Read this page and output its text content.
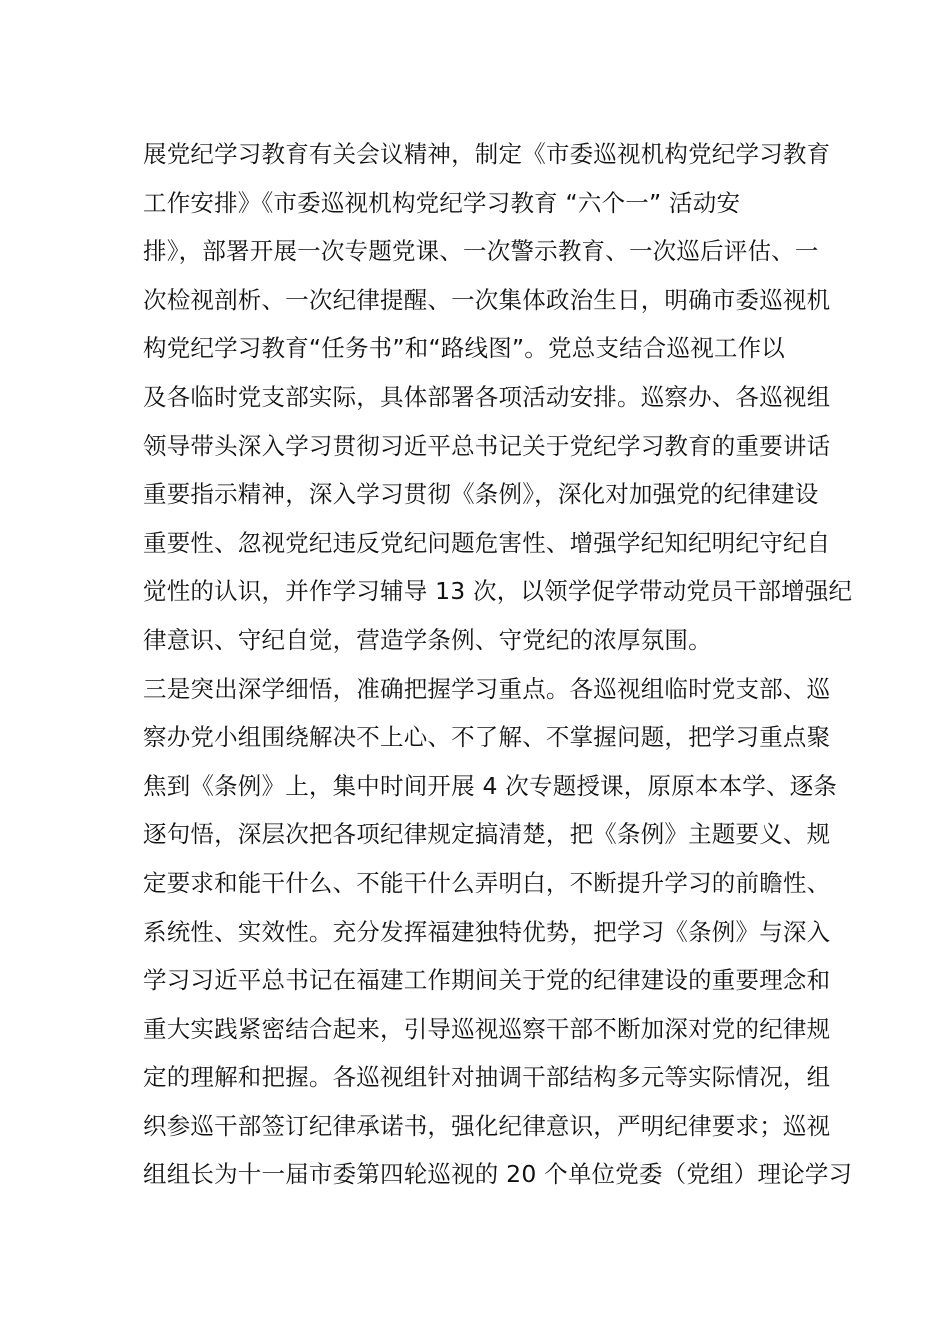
展党纪学习教育有关会议精神，制定《市委巡视机构党纪学习教育
工作安排》《市委巡视机构党纪学习教育 “六个一” 活动安
排》，部署开展一次专题党课、一次警示教育、一次巡后评估、一
次检视剖析、一次纪律提醒、一次集体政治生日，明确市委巡视机
构党纪学习教育“任务书”和“路线图”。党总支结合巡视工作以
及各临时党支部实际，具体部署各项活动安排。巡察办、各巡视组
领导带头深入学习贯彻习近平总书记关于党纪学习教育的重要讲话
重要指示精神，深入学习贯彻《条例》，深化对加强党的纪律建设
重要性、忽视党纪违反党纪问题危害性、增强学纪知纪明纪守纪自
觉性的认识，并作学习辅导 13 次，以领学促学带动党员干部增强纪
律意识、守纪自觉，营造学条例、守党纪的浓厚氛围。
三是突出深学细悟，准确把握学习重点。各巡视组临时党支部、巡
察办党小组围绕解决不上心、不了解、不掌握问题，把学习重点聚
焦到《条例》上，集中时间开展 4 次专题授课，原原本本学、逐条
逐句悟，深层次把各项纪律规定搞清楚，把《条例》主题要义、规
定要求和能干什么、不能干什么弄明白，不断提升学习的前瞻性、
系统性、实效性。充分发挥福建独特优势，把学习《条例》与深入
学习习近平总书记在福建工作期间关于党的纪律建设的重要理念和
重大实践紧密结合起来，引导巡视巡察干部不断加深对党的纪律规
定的理解和把握。各巡视组针对抽调干部结构多元等实际情况，组
织参巡干部签订纪律承诺书，强化纪律意识，严明纪律要求；巡视
组组长为十一届市委第四轮巡视的 20 个单位党委（党组）理论学习
